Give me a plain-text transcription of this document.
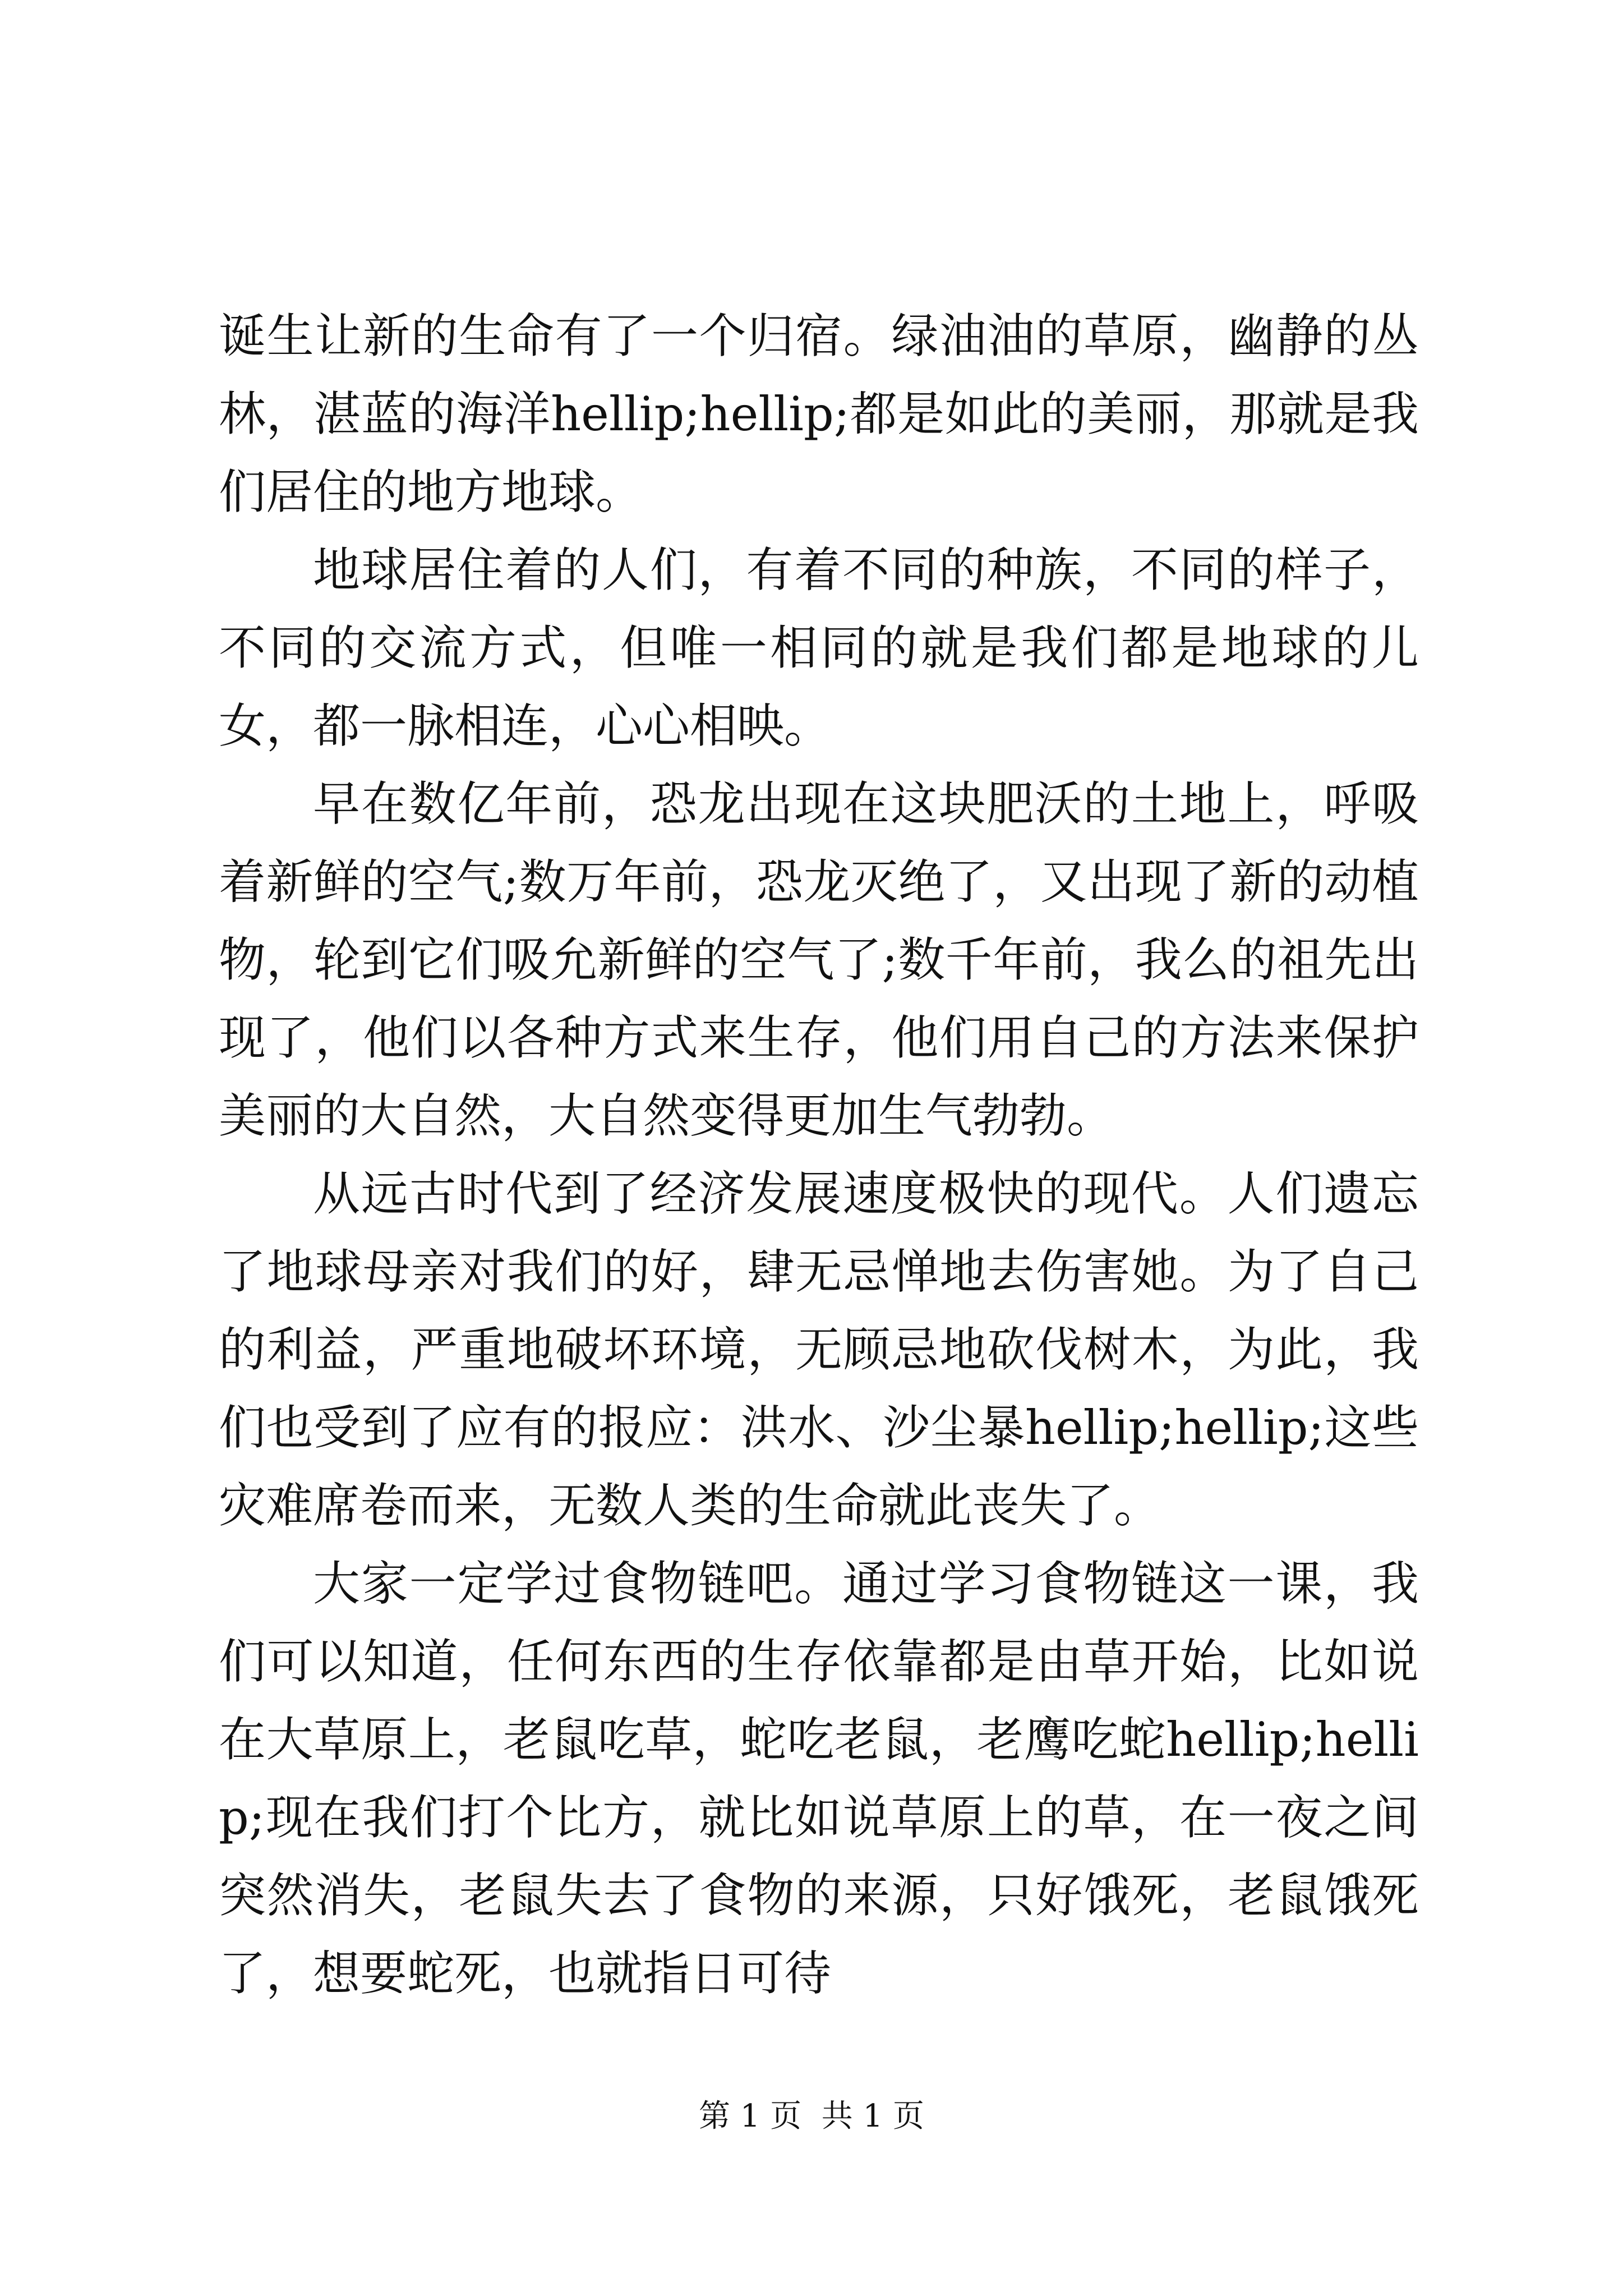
诞生让新的生命有了一个归宿。绿油油的草原，幽静的丛林，湛蓝的海洋hellip;hellip;都是如此的美丽，那就是我们居住的地方地球。

地球居住着的人们，有着不同的种族，不同的样子，不同的交流方式，但唯一相同的就是我们都是地球的儿女，都一脉相连，心心相映。

早在数亿年前，恐龙出现在这块肥沃的土地上，呼吸着新鲜的空气;数万年前，恐龙灭绝了，又出现了新的动植物，轮到它们吸允新鲜的空气了;数千年前，我么的祖先出现了，他们以各种方式来生存，他们用自己的方法来保护美丽的大自然，大自然变得更加生气勃勃。

从远古时代到了经济发展速度极快的现代。人们遗忘了地球母亲对我们的好，肆无忌惮地去伤害她。为了自己的利益，严重地破坏环境，无顾忌地砍伐树木，为此，我们也受到了应有的报应：洪水、沙尘暴hellip;hellip;这些灾难席卷而来，无数人类的生命就此丧失了。

大家一定学过食物链吧。通过学习食物链这一课，我们可以知道，任何东西的生存依靠都是由草开始，比如说在大草原上，老鼠吃草，蛇吃老鼠，老鹰吃蛇hellip;hellip;现在我们打个比方，就比如说草原上的草，在一夜之间突然消失，老鼠失去了食物的来源，只好饿死，老鼠饿死了，想要蛇死，也就指日可待

第 1 页  共 1 页
